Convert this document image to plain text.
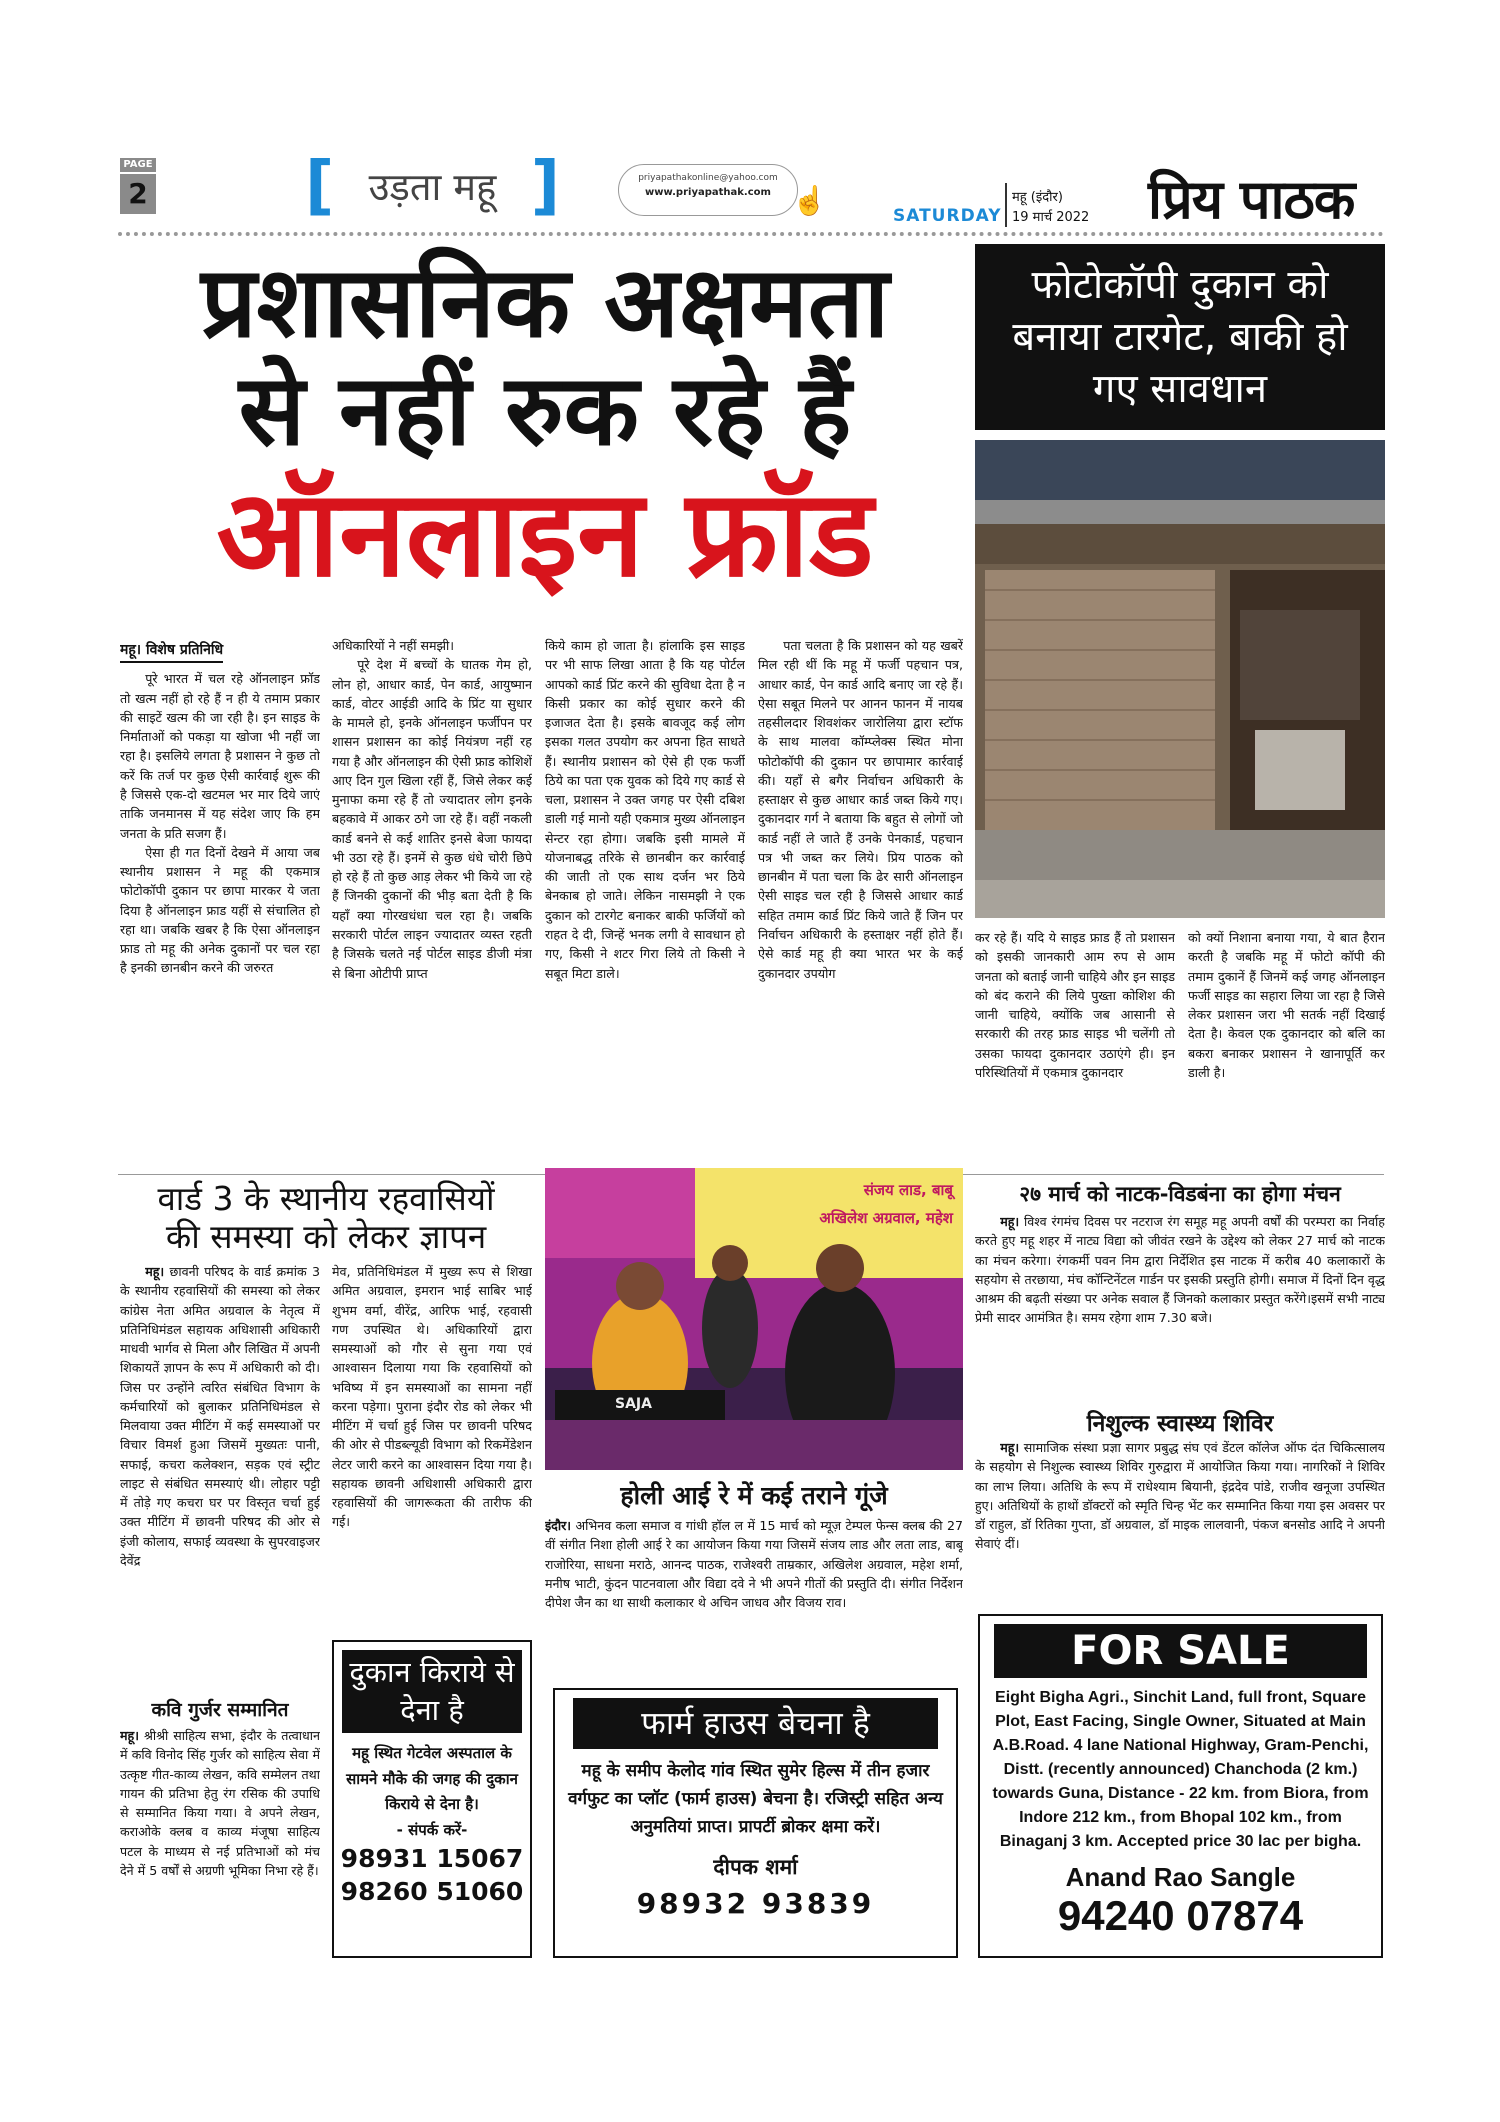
PAGE
2 [ उड़ता महू ]	priyapathakonline@yahoo.com
www.priyapathak.com ☝	SATURDAY
महू (इंदौर)
19 मार्च 2022 प्रिय पाठक
प्रशासनिक अक्षमता
से नहीं रुक रहे हैं
ऑनलाइन फ्रॉड
फोटोकॉपी दुकान को बनाया टारगेट, बाकी हो गए सावधान
महू। विशेष प्रतिनिधि

पूरे भारत में चल रहे ऑनलाइन फ्रॉड तो खत्म नहीं हो रहे हैं न ही ये तमाम प्रकार की साइटें खत्म की जा रही है। इन साइड के निर्माताओं को पकड़ा या खोजा भी नहीं जा रहा है। इसलिये लगता है प्रशासन ने कुछ तो करें कि तर्ज पर कुछ ऐसी कार्रवाई शुरू की है जिससे एक-दो खटमल भर मार दिये जाएं ताकि जनमानस में यह संदेश जाए कि हम जनता के प्रति सजग हैं।

ऐसा ही गत दिनों देखने में आया जब स्थानीय प्रशासन ने महू की एकमात्र फोटोकॉपी दुकान पर छापा मारकर ये जता दिया है ऑनलाइन फ्राड यहीं से संचालित हो रहा था। जबकि खबर है कि ऐसा ऑनलाइन फ्राड तो महू की अनेक दुकानों पर चल रहा है इनकी छानबीन करने की जरुरत

अधिकारियों ने नहीं समझी।

पूरे देश में बच्चों के घातक गेम हो, लोन हो, आधार कार्ड, पेन कार्ड, आयुष्मान कार्ड, वोटर आईडी आदि के प्रिंट या सुधार के मामले हो, इनके ऑनलाइन फर्जीपन पर शासन प्रशासन का कोई नियंत्रण नहीं रह गया है और ऑनलाइन की ऐसी फ्राड कोशिशें आए दिन गुल खिला रहीं हैं, जिसे लेकर कई मुनाफा कमा रहे हैं तो ज्यादातर लोग इनके बहकावे में आकर ठगे जा रहे हैं। वहीं नकली कार्ड बनने से कई शातिर इनसे बेजा फायदा भी उठा रहे हैं। इनमें से कुछ धंधे चोरी छिपे हो रहे हैं तो कुछ आड़ लेकर भी किये जा रहे हैं जिनकी दुकानों की भीड़ बता देती है कि यहाँ क्या गोरखधंधा चल रहा है। जबकि सरकारी पोर्टल लाइन ज्यादातर व्यस्त रहती है जिसके चलते नई पोर्टल साइड डीजी मंत्रा से बिना ओटीपी प्राप्त

किये काम हो जाता है। हांलाकि इस साइड पर भी साफ लिखा आता है कि यह पोर्टल आपको कार्ड प्रिंट करने की सुविधा देता है न किसी प्रकार का कोई सुधार करने की इजाजत देता है। इसके बावजूद कई लोग इसका गलत उपयोग कर अपना हित साधते हैं। स्थानीय प्रशासन को ऐसे ही एक फर्जी ठिये का पता एक युवक को दिये गए कार्ड से चला, प्रशासन ने उक्त जगह पर ऐसी दबिश डाली गई मानो यही एकमात्र मुख्य ऑनलाइन सेन्टर रहा होगा। जबकि इसी मामले में योजनाबद्ध तरिके से छानबीन कर कार्रवाई की जाती तो एक साथ दर्जन भर ठिये बेनकाब हो जाते। लेकिन नासमझी ने एक दुकान को टारगेट बनाकर बाकी फर्जियों को राहत दे दी, जिन्हें भनक लगी वे सावधान हो गए, किसी ने शटर गिरा लिये तो किसी ने सबूत मिटा डाले।

पता चलता है कि प्रशासन को यह खबरें मिल रही थीं कि महू में फर्जी पहचान पत्र, आधार कार्ड, पेन कार्ड आदि बनाए जा रहे हैं। ऐसा सबूत मिलने पर आनन फानन में नायब तहसीलदार शिवशंकर जारोलिया द्वारा स्टॉफ के साथ मालवा कॉम्प्लेक्स स्थित मोना फोटोकॉपी की दुकान पर छापामार कार्रवाई की। यहाँ से बगैर निर्वाचन अधिकारी के हस्ताक्षर से कुछ आधार कार्ड जब्त किये गए। दुकानदार गर्ग ने बताया कि बहुत से लोगों जो कार्ड नहीं ले जाते हैं उनके पेनकार्ड, पहचान पत्र भी जब्त कर लिये। प्रिय पाठक को छानबीन में पता चला कि ढेर सारी ऑनलाइन ऐसी साइड चल रही है जिससे आधार कार्ड सहित तमाम कार्ड प्रिंट किये जाते हैं जिन पर निर्वाचन अधिकारी के हस्ताक्षर नहीं होते हैं। ऐसे कार्ड महू ही क्या भारत भर के कई दुकानदार उपयोग

कर रहे हैं। यदि ये साइड फ्राड हैं तो प्रशासन को इसकी जानकारी आम रुप से आम जनता को बताई जानी चाहिये और इन साइड को बंद कराने की लिये पुख्ता कोशिश की जानी चाहिये, क्योंकि जब आसानी से सरकारी की तरह फ्राड साइड भी चलेंगी तो उसका फायदा दुकानदार उठाएंगे ही। इन परिस्थितियों में एकमात्र दुकानदार

को क्यों निशाना बनाया गया, ये बात हैरान करती है जबकि महू में फोटो कॉपी की तमाम दुकानें हैं जिनमें कई जगह ऑनलाइन फर्जी साइड का सहारा लिया जा रहा है जिसे लेकर प्रशासन जरा भी सतर्क नहीं दिखाई देता है। केवल एक दुकानदार को बलि का बकरा बनाकर प्रशासन ने खानापूर्ति कर डाली है।

वार्ड 3 के स्थानीय रहवासियों
की समस्या को लेकर ज्ञापन

महू। छावनी परिषद के वार्ड क्रमांक 3 के स्थानीय रहवासियों की समस्या को लेकर कांग्रेस नेता अमित अग्रवाल के नेतृत्व में प्रतिनिधिमंडल सहायक अधिशासी अधिकारी माधवी भार्गव से मिला और लिखित में अपनी शिकायतें ज्ञापन के रूप में अधिकारी को दी। जिस पर उन्होंने त्वरित संबंधित विभाग के कर्मचारियों को बुलाकर प्रतिनिधिमंडल से मिलवाया उक्त मीटिंग में कई समस्याओं पर विचार विमर्श हुआ जिसमें मुख्यतः पानी, सफाई, कचरा कलेक्शन, सड़क एवं स्ट्रीट लाइट से संबंधित समस्याएं थी। लोहार पट्टी में तोड़े गए कचरा घर पर विस्तृत चर्चा हुई उक्त मीटिंग में छावनी परिषद की ओर से इंजी कोलाय, सफाई व्यवस्था के सुपरवाइजर देवेंद्र

मेव, प्रतिनिधिमंडल में मुख्य रूप से शिखा अमित अग्रवाल, इमरान भाई साबिर भाई शुभम वर्मा, वीरेंद्र, आरिफ भाई, रहवासी गण उपस्थित थे। अधिकारियों द्वारा समस्याओं को गौर से सुना गया एवं आश्वासन दिलाया गया कि रहवासियों को भविष्य में इन समस्याओं का सामना नहीं करना पड़ेगा। पुराना इंदौर रोड को लेकर भी मीटिंग में चर्चा हुई जिस पर छावनी परिषद की ओर से पीडब्ल्यूडी विभाग को रिकमेंडेशन लेटर जारी करने का आश्वासन दिया गया है। सहायक छावनी अधिशासी अधिकारी द्वारा रहवासियों की जागरूकता की तारीफ की गई।

कवि गुर्जर सम्मानित

महू। श्रीश्री साहित्य सभा, इंदौर के तत्वाधान में कवि विनोद सिंह गुर्जर को साहित्य सेवा में उत्कृष्ट गीत-काव्य लेखन, कवि सम्मेलन तथा गायन की प्रतिभा हेतु रंग रसिक की उपाधि से सम्मानित किया गया। वे अपने लेखन, कराओके क्लब व काव्य मंजूषा साहित्य पटल के माध्यम से नई प्रतिभाओं को मंच देने में 5 वर्षों से अग्रणी भूमिका निभा रहे हैं।

दुकान किराये से देना है
महू स्थित गेटवेल अस्पताल के सामने मौके की जगह की दुकान किराये से देना है।
- संपर्क करें-
98931 15067
98260 51060
संजय लाड, बाबू
अखिलेश अग्रवाल, महेश
SAJA
होली आई रे में कई तराने गूंजे

इंदौर। अभिनव कला समाज व गांधी हॉल ल में 15 मार्च को म्यूज़ टेम्पल फेन्स क्लब की 27 वीं संगीत निशा होली आई रे का आयोजन किया गया जिसमें संजय लाड और लता लाड, बाबू राजोरिया, साधना मराठे, आनन्द पाठक, राजेश्वरी ताम्रकार, अखिलेश अग्रवाल, महेश शर्मा, मनीष भाटी, कुंदन पाटनवाला और विद्या दवे ने भी अपने गीतों की प्रस्तुति दी। संगीत निर्देशन दीपेश जैन का था साथी कलाकार थे अचिन जाधव और विजय राव।

फार्म हाउस बेचना है
महू के समीप केलोद गांव स्थित सुमेर हिल्स में तीन हजार वर्गफुट का प्लॉट (फार्म हाउस) बेचना है। रजिस्ट्री सहित अन्य अनुमतियां प्राप्त। प्रापर्टी ब्रोकर क्षमा करें।
दीपक शर्मा
98932 93839
२७ मार्च को नाटक-विडबंना का होगा मंचन

महू। विश्व रंगमंच दिवस पर नटराज रंग समूह महू अपनी वर्षों की परम्परा का निर्वाह करते हुए महू शहर में नाट्य विद्या को जीवंत रखने के उद्देश्य को लेकर 27 मार्च को नाटक का मंचन करेगा। रंगकर्मी पवन निम द्वारा निर्देशित इस नाटक में करीब 40 कलाकारों के सहयोग से तरछाया, मंच कॉन्टिनेंटल गार्डन पर इसकी प्रस्तुति होगी। समाज में दिनों दिन वृद्ध आश्रम की बढ़ती संख्या पर अनेक सवाल हैं जिनको कलाकार प्रस्तुत करेंगे।इसमें सभी नाट्य प्रेमी सादर आमंत्रित है। समय रहेगा शाम 7.30 बजे।

निशुल्क स्वास्थ्य शिविर

महू। सामाजिक संस्था प्रज्ञा सागर प्रबुद्ध संघ एवं डेंटल कॉलेज ऑफ दंत चिकित्सालय के सहयोग से निशुल्क स्वास्थ्य शिविर गुरुद्वारा में आयोजित किया गया। नागरिकों ने शिविर का लाभ लिया। अतिथि के रूप में राधेश्याम बियानी, इंद्रदेव पांडे, राजीव खनूजा उपस्थित हुए। अतिथियों के हाथों डॉक्टरों को स्मृति चिन्ह भेंट कर सम्मानित किया गया इस अवसर पर डॉ राहुल, डॉ रितिका गुप्ता, डॉ अग्रवाल, डॉ माइक लालवानी, पंकज बनसोड आदि ने अपनी सेवाएं दीं।

FOR SALE
Eight Bigha Agri., Sinchit Land, full front, Square Plot, East Facing, Single Owner, Situated at Main A.B.Road. 4 lane National Highway, Gram-Penchi, Distt. (recently announced) Chanchoda (2 km.) towards Guna, Distance - 22 km. from Biora, from Indore 212 km., from Bhopal 102 km., from Binaganj 3 km. Accepted price 30 lac per bigha.
Anand Rao Sangle
94240 07874
